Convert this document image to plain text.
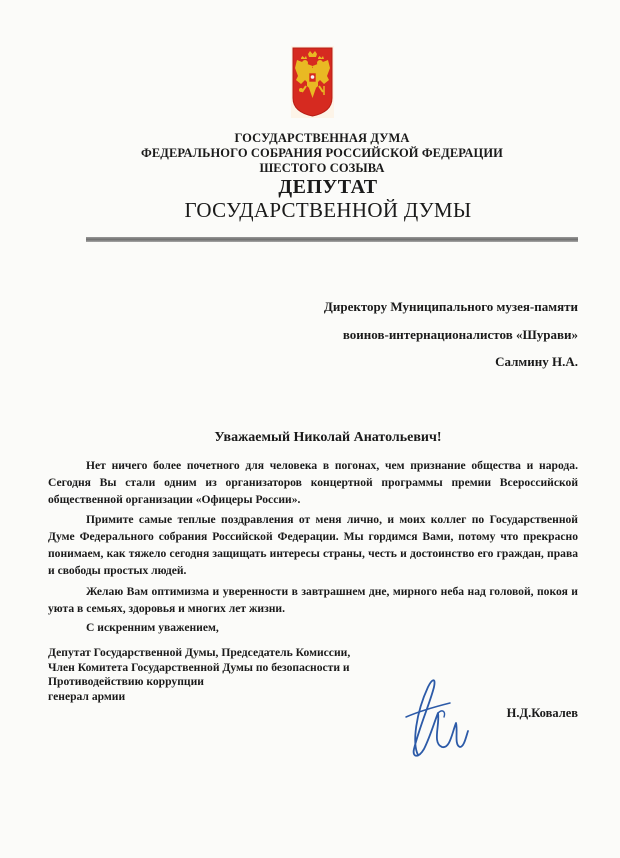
ГОСУДАРСТВЕННАЯ ДУМА
ФЕДЕРАЛЬНОГО СОБРАНИЯ РОССИЙСКОЙ ФЕДЕРАЦИИ
ШЕСТОГО СОЗЫВА
ДЕПУТАТ
ГОСУДАРСТВЕННОЙ ДУМЫ
Директору Муниципального музея-памяти
воинов-интернационалистов «Шурави»
Салмину Н.А.
Уважаемый Николай Анатольевич!
Нет ничего более почетного для человека в погонах, чем признание общества и народа. Сегодня Вы стали одним из организаторов концертной программы премии Всероссийской общественной организации «Офицеры России».
Примите самые теплые поздравления от меня лично, и моих коллег по Государственной Думе Федерального собрания Российской Федерации. Мы гордимся Вами, потому что прекрасно понимаем, как тяжело сегодня защищать интересы страны, честь и достоинство его граждан, права и свободы простых людей.
Желаю Вам оптимизма и уверенности в завтрашнем дне, мирного неба над головой, покоя и уюта в семьях, здоровья и многих лет жизни.
С искренним уважением,
Депутат Государственной Думы, Председатель Комиссии,
Член Комитета Государственной Думы по безопасности и
Противодействию коррупции
генерал армии
Н.Д.Ковалев
